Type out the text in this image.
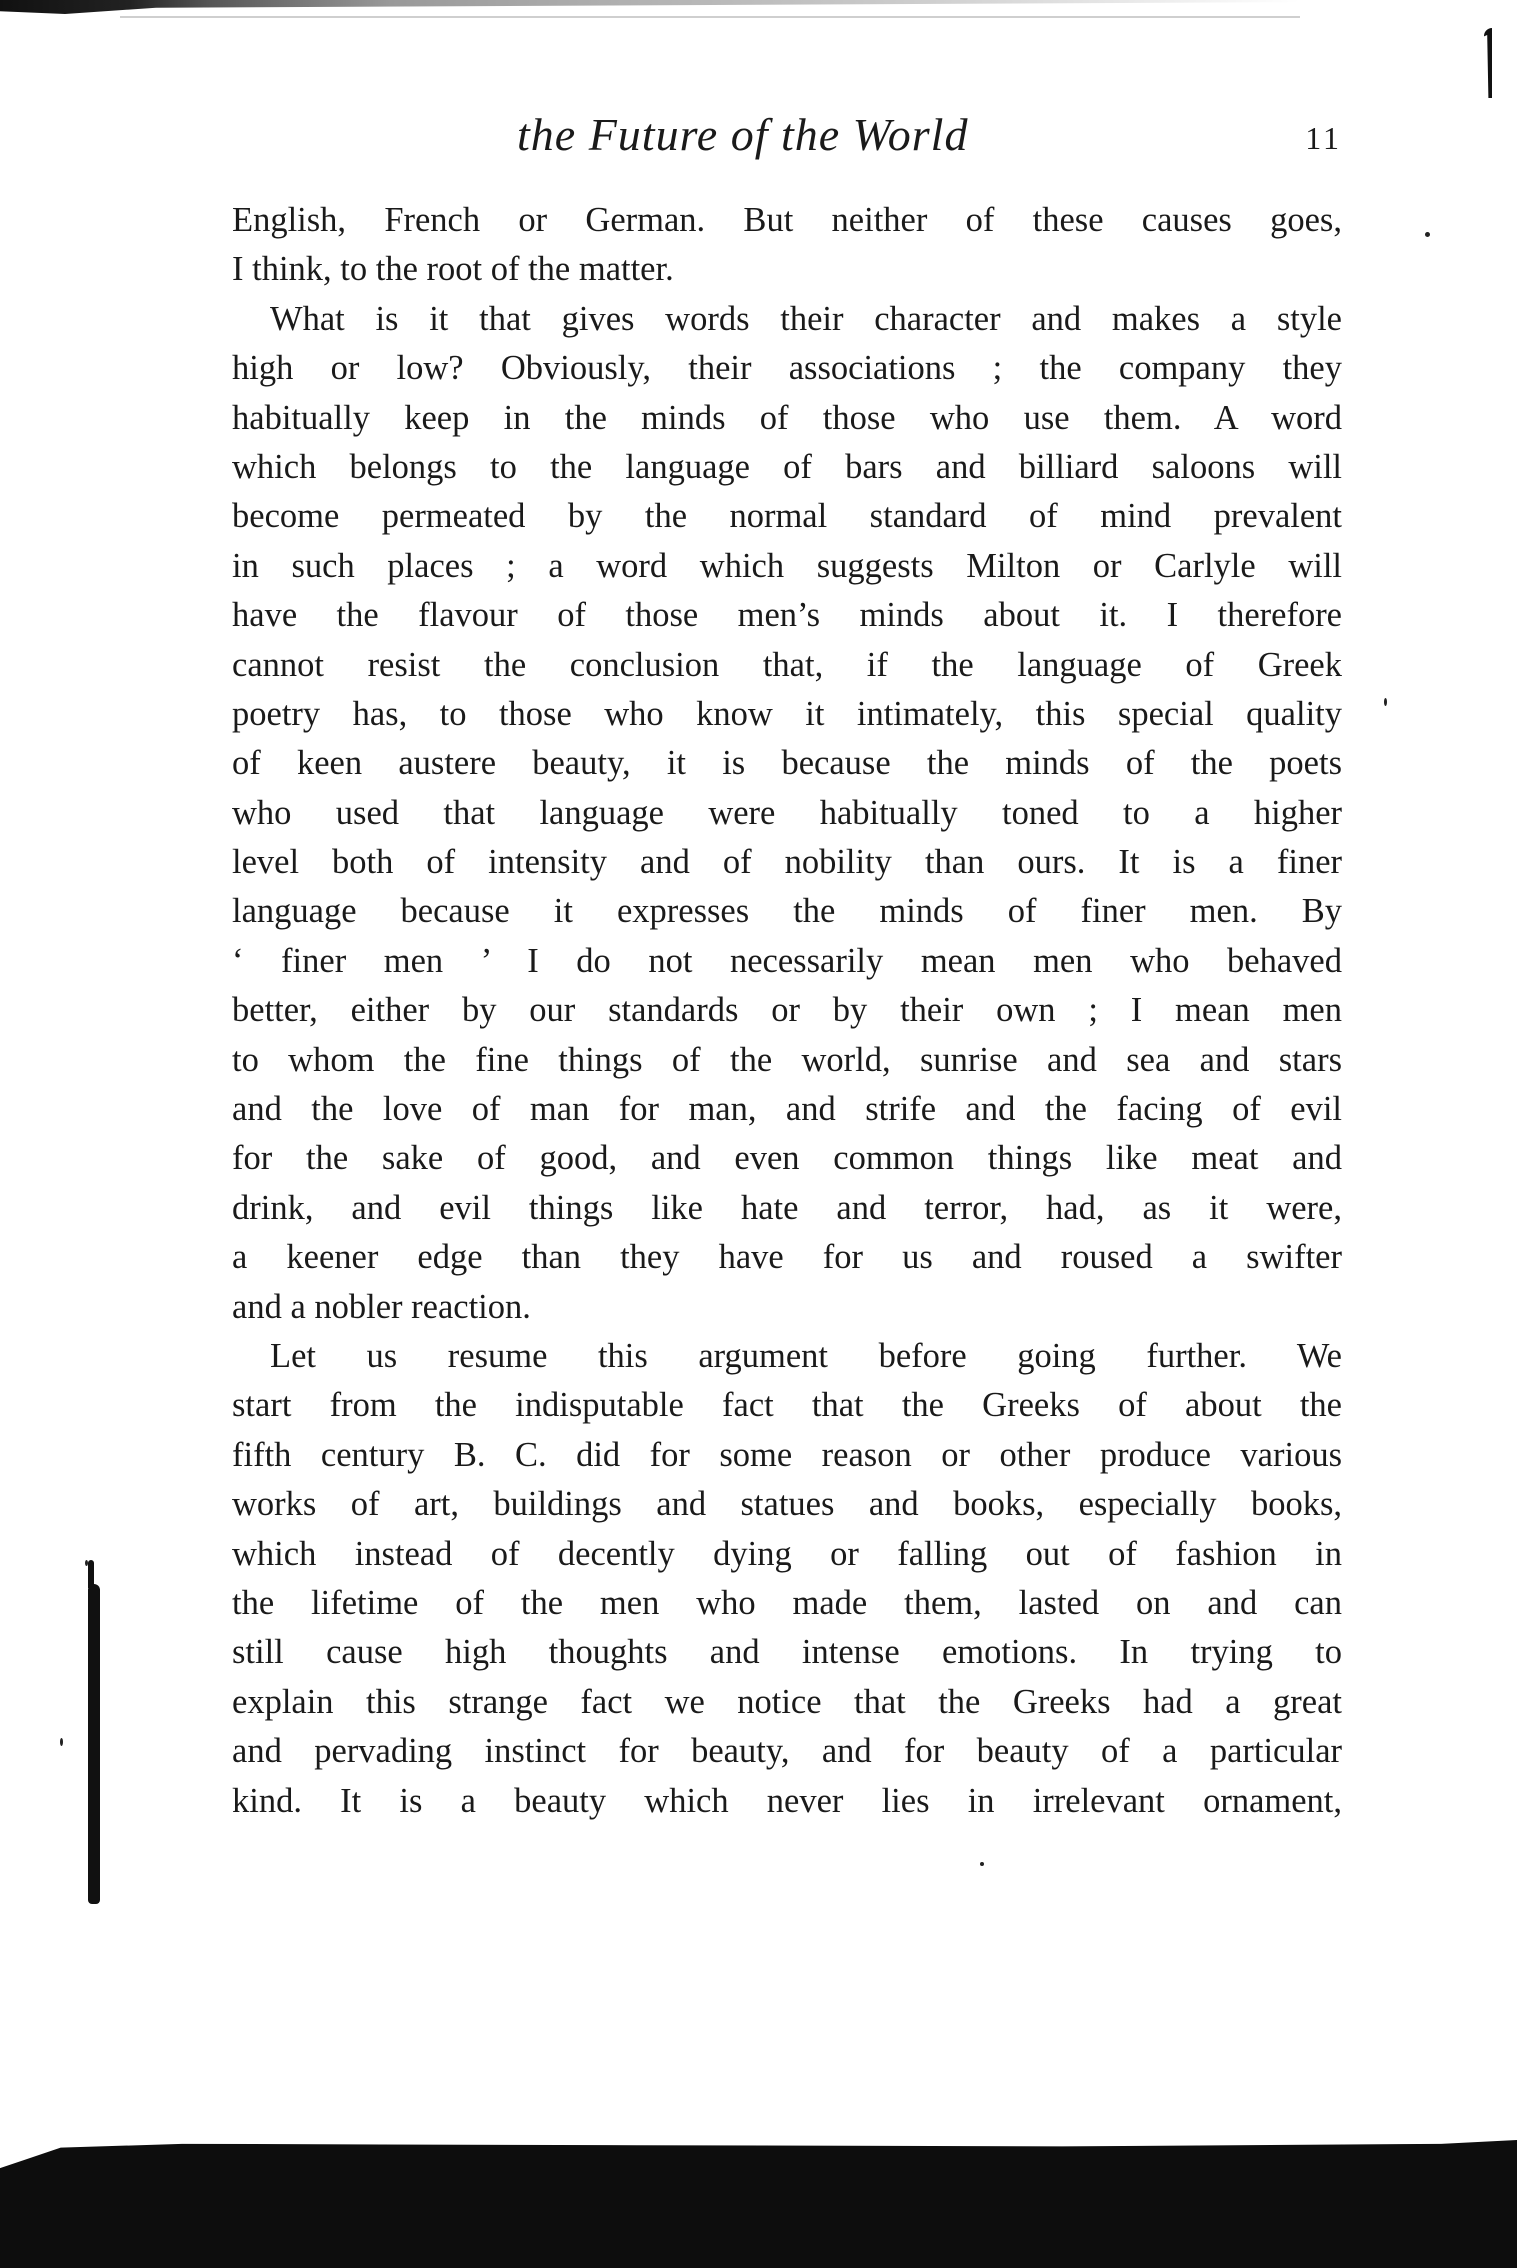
the Future of the World	11
English, French or German. But neither of these causes goes,
I think, to the root of the matter.
What is it that gives words their character and makes a style
high or low? Obviously, their associations ; the company they
habitually keep in the minds of those who use them. A word
which belongs to the language of bars and billiard saloons will
become permeated by the normal standard of mind prevalent
in such places ; a word which suggests Milton or Carlyle will
have the flavour of those men’s minds about it. I therefore
cannot resist the conclusion that, if the language of Greek
poetry has, to those who know it intimately, this special quality
of keen austere beauty, it is because the minds of the poets
who used that language were habitually toned to a higher
level both of intensity and of nobility than ours. It is a finer
language because it expresses the minds of finer men. By
‘ finer men ’ I do not necessarily mean men who behaved
better, either by our standards or by their own ; I mean men
to whom the fine things of the world, sunrise and sea and stars
and the love of man for man, and strife and the facing of evil
for the sake of good, and even common things like meat and
drink, and evil things like hate and terror, had, as it were,
a keener edge than they have for us and roused a swifter
and a nobler reaction.
Let us resume this argument before going further. We
start from the indisputable fact that the Greeks of about the
fifth century B. C. did for some reason or other produce various
works of art, buildings and statues and books, especially books,
which instead of decently dying or falling out of fashion in
the lifetime of the men who made them, lasted on and can
still cause high thoughts and intense emotions. In trying to
explain this strange fact we notice that the Greeks had a great
and pervading instinct for beauty, and for beauty of a particular
kind. It is a beauty which never lies in irrelevant ornament,
